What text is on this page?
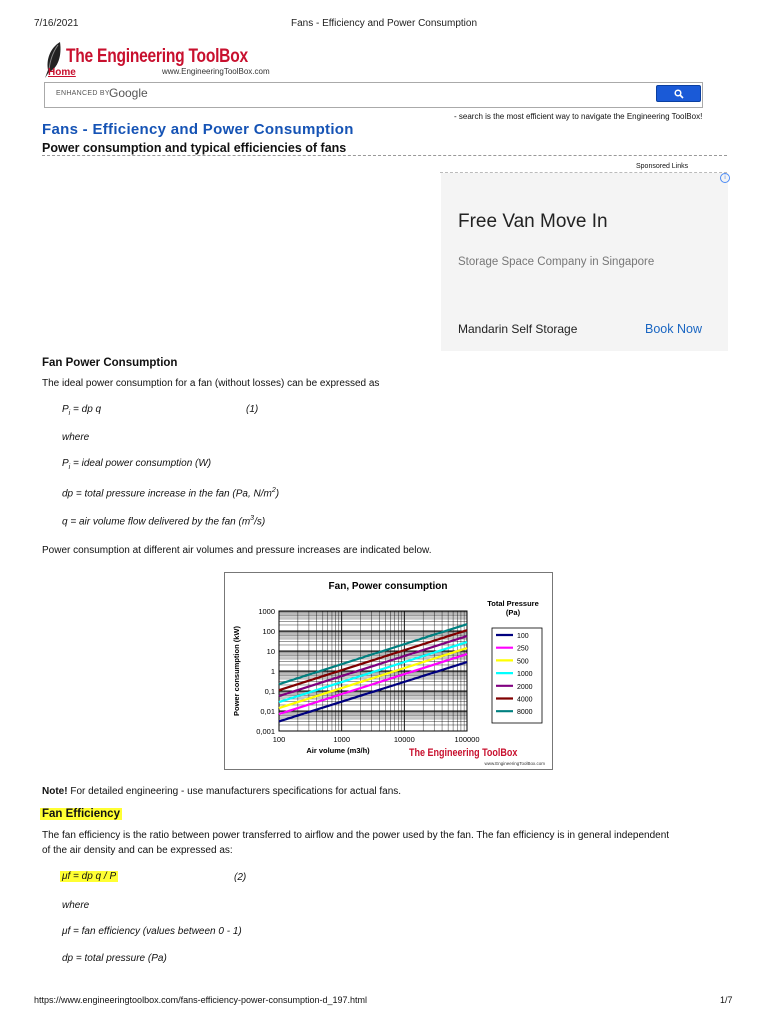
7/16/2021	Fans - Efficiency and Power Consumption
The Engineering ToolBox
Home	www.EngineeringToolBox.com
ENHANCED BY Google
- search is the most efficient way to navigate the Engineering ToolBox!
Fans - Efficiency and Power Consumption
Power consumption and typical efficiencies of fans
Sponsored Links
i
Free Van Move In
Storage Space Company in Singapore
Mandarin Self Storage	Book Now
Fan Power Consumption
The ideal power consumption for a fan (without losses) can be expressed as
$P_i$ = dp q	(1)
where
$P_i$ = ideal power consumption (W)
dp = total pressure increase in the fan (Pa, $N/m^2$)
q = air volume flow delivered by the fan $(m^3/s)$
Power consumption at different air volumes and pressure increases are indicated below.
Fan, Power consumption
100	1000	10000	100000
1000
100
10
1
0,1
0,01
0,001
Air volume (m3/h)
Power consumption (kW)
Total Pressure
(Pa)
100
250
500
1000
2000
4000
8000
The Engineering ToolBox
www.EngineeringToolBox.com
Note! For detailed engineering - use manufacturers specifications for actual fans.
Fan Efficiency
The fan efficiency is the ratio between power transferred to airflow and the power used by the fan. The fan efficiency is in general independent
of the air density and can be expressed as:
μf = dp q / P	(2)
where
μf = fan efficiency (values between 0 - 1)
dp = total pressure (Pa)
https://www.engineeringtoolbox.com/fans-efficiency-power-consumption-d_197.html	1/7
